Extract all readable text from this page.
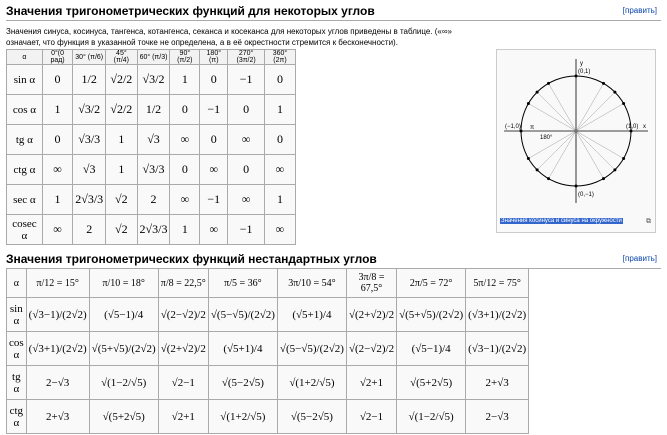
Значения тригонометрических функций для некоторых углов	[править]
Значения синуса, косинуса, тангенса, котангенса, секанса и косеканса для некоторых углов приведены в таблице. («∞» означает, что функция в указанной точке не определена, а в её окрестности стремится к бесконечности).
α	0°(0 рад)	30° (π/6)	45° (π/4)	60° (π/3)	90° (π/2)	180° (π)	270° (3π/2)	360° (2π)
sin α	0	1/2	√2/2	√3/2	1	0	−1	0
cos α	1	√3/2	√2/2	1/2	0	−1	0	1
tg α	0	√3/3	1	√3	∞	0	∞	0
ctg α	∞	√3	1	√3/3	0	∞	0	∞
sec α	1	2√3/3	√2	2	∞	−1	∞	1
cosec α	∞	2	√2	2√3/3	1	∞	−1	∞
y
x
(0,1)
(−1,0)
(0,−1)
(1,0)
π
180°
Значения косинуса и синуса на окружности	⧉
Значения тригонометрических функций нестандартных углов	[править]
α	π/12 = 15°	π/10 = 18°	π/8 = 22,5°	π/5 = 36°	3π/10 = 54°	3π/8 = 67,5°	2π/5 = 72°	5π/12 = 75°
sin α	(√3−1)/(2√2)	(√5−1)/4	√(2−√2)/2	√(5−√5)/(2√2)	(√5+1)/4	√(2+√2)/2	√(5+√5)/(2√2)	(√3+1)/(2√2)
cos α	(√3+1)/(2√2)	√(5+√5)/(2√2)	√(2+√2)/2	(√5+1)/4	√(5−√5)/(2√2)	√(2−√2)/2	(√5−1)/4	(√3−1)/(2√2)
tg α	2−√3	√(1−2/√5)	√2−1	√(5−2√5)	√(1+2/√5)	√2+1	√(5+2√5)	2+√3
ctg α	2+√3	√(5+2√5)	√2+1	√(1+2/√5)	√(5−2√5)	√2−1	√(1−2/√5)	2−√3
